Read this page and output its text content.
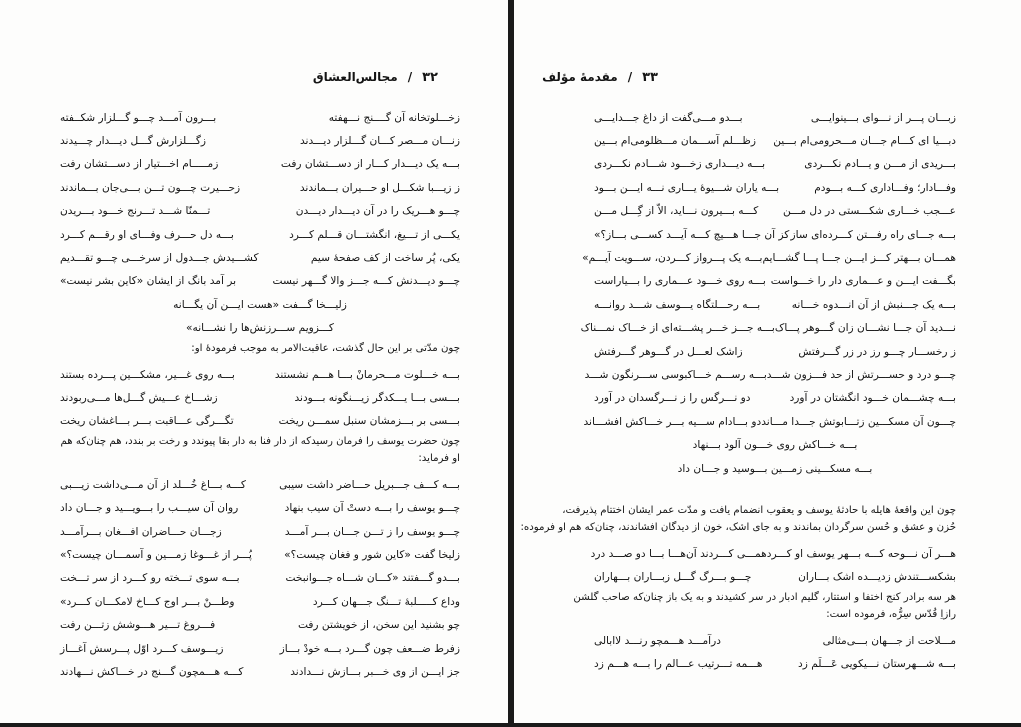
۳۲
/
مجالس‌العشاق
زخـــلوتخانه آن گــــنج نـــهفته
بـــرون آمـــد چـــو گـــلزار شکــفته
زنـــان مـــصر کـــان گـــلزار دیـــدند
زگـــلزارش گـــل دیـــدار چـــیدند
بـــه یک دیـــدار کـــار از دســـتشان رفت
زمـــــام اخـــتیار از دســـتشان رفت
ز زیـــبا شکـــل او حـــیران بـــماندند
زحـــیرت چـــون تـــن بـــی‌جان بـــماندند
چـــو هـــریک را در آن دیـــدار دیـــدن
تـــمنّا شـــد تـــرنج خـــود بـــریدن
یکـــی از تـــیغ، انگشتـــان قـــلم کـــرد
بـــه دل حـــرف وفـــای او رقـــم کـــرد
یکی، پُر ساخت از کف صفحهٔ سیم
کشـــیدش جـــدول از سرخـــی چـــو تقـــدیم
چـــو دیـــدنش کـــه جـــز والا گـــهر نیست
بر آمد بانگ از ایشان «کاین بشر نیست»
زلیـــخا گـــفت «هست ایـــن آن یگـــانه
کـــزویم ســـرزنش‌ها را نشـــانه»
چون مدّتی بر این حال گذشت، عاقبت‌الامر به موجب فرمودهٔ او:
بـــه خـــلوت مـــحرمانْ بـــا هـــم نشستند
بـــه روی غـــیر، مشکـــین پـــرده بستند
بـــسی بـــا یـــکدگر زیـــنگونه بـــودند
زشـــاخ عـــیش گـــل‌ها مـــی‌ربودند
بـــسی بر بـــزمشان سنبل سمـــن ریخت
تگـــرگی عـــاقبت بـــر بـــاغشان ریخت
چون حضرت یوسف را فرمان رسیدکه از دار فنا به دار بقا پیوندد و رخت بر بندد، هم چنان‌که هم
او فرماید:
بـــه کـــف جـــبریل حـــاضر داشت سیبی
کـــه بـــاغ خُـــلد از آن مـــی‌داشت زیـــبی
چـــو یوسف را بـــه دستْ آن سیب بنهاد
روان آن سیـــب را بـــویـــید و جـــان داد
چـــو یوسف را ز تـــن جـــان بـــر آمـــد
زجـــان حـــاضران افـــغان بـــرآمـــد
زلیخا گفت «کاین شور و فغان چیست؟»
پُـــر از غـــوغا زمـــین و آسمـــان چیست؟»
بـــدو گـــفتند «کـــان شـــاه جـــوانبخت
بـــه سوی تـــخته رو کـــرد از سر تـــخت
وداع کـــــلبهٔ تـــنگ جـــهان کـــرد
وطـــنْ بـــر اوج کـــاخ لامکـــان کـــرد»
چو بشنید این سخن، از خویشتن رفت
فـــروغ تـــیر هـــوشش زتـــن رفت
زفرط ضـــعف چون گـــرد بـــه خودْ بـــاز
زیـــوسف کـــرد اوّل پـــرسش آغـــاز
جز ایـــن از وی خـــبر بـــازش نـــدادند
کـــه هـــمچون گـــنج در خـــاکش نـــهادند
۳۳
/
مقدمهٔ مؤلف
زبـــان پـــر از نـــوای بـــینوایـــی
بـــدو مـــی‌گفت از داغ جـــدایـــی
دبـــیا ای کـــام جـــان مـــحرومی‌ام بـــین
زظـــلم آســـمان مـــظلومی‌ام بـــین
بـــریدی از مـــن و یـــادم نکـــردی
بـــه دیـــداری زخـــود شـــادم نکـــردی
وفـــادار؛ وفـــاداری کـــه بـــودم
بـــه یاران شـــیوهٔ یـــاری نـــه ایـــن بـــود
عـــجب خـــاری شکـــستی در دل مـــن
کـــه بـــیرون نـــاید، الاّ از گِـــل مـــن
بـــه جـــای راه رفـــتن کـــرده‌ای ساز
کز آن جـــا هـــیچ کـــه آیـــد کســـی بـــاز؟»
همـــان بـــهتر کـــز ایـــن جـــا پـــا گشـــایم
بـــه یک پـــرواز کـــردن، ســـویت آیـــم»
بگـــفت ایـــن و عـــماری دار را خـــواست
بـــه روی خـــود عـــماری را بـــیاراست
بـــه یک جـــنبش از آن انـــدوه خـــانه
بـــه رحـــلتگاه یـــوسف شـــد روانـــه
نـــدید آن جـــا نشـــان زان گـــوهر پـــاک
بـــه جـــز خـــر پشـــته‌ای از خـــاک نمـــناک
ز رخســـار چـــو رز در زر گـــرفتش
زاشک لعـــل در گـــوهر گـــرفتش
چـــو درد و حســـرتش از حد فـــزون شـــد
بـــه رســـم خـــاکبوسی ســـرنگون شـــد
بـــه چشـــمان خـــود انگشتان در آورد
دو نـــرگس را ز نـــرگسدان در آورد
چـــون آن مسکـــین زتـــابوتش جـــدا مـــاند
دو بـــادام ســـیه بـــر خـــاکش افشـــاند
بـــه خـــاکش روی خـــون آلود بـــنهاد
بـــه مسکـــینی زمـــین بـــوسید و جـــان داد
چون این واقعهٔ هایله با حادثهٔ یوسف و یعقوب انضمام یافت و مدّت عمر ایشان اختتام پذیرفت،
حُزن و عشق و حُسن سرگردان بماندند و به جای اشک، خون از دیدگان افشاندند، چنان‌که هم او فرموده:
هـــر آن نـــوحه کـــه بـــهر یوسف او کـــرد
همـــی کـــردند آن‌هـــا بـــا دو صـــد درد
بشكســـتندش زدیـــده اشک بـــاران
چـــو بـــرگ گـــل زبـــاران بـــهاران
هر سه برادر کنج اختفا و استتار، گلیم ادبار در سر کشیدند و به یک باز چنان‌که صاحب گلشن
رازاِ قُدّس سِرُّه، فرموده است:
مـــلاحت از جـــهان بـــی‌مثالی
درآمـــد هـــمچو رنـــد لاابالی
بـــه شـــهرستان نـــیکویی عَـــلَم زد
هـــمه تـــرتیب عـــالم را بـــه هـــم زد
